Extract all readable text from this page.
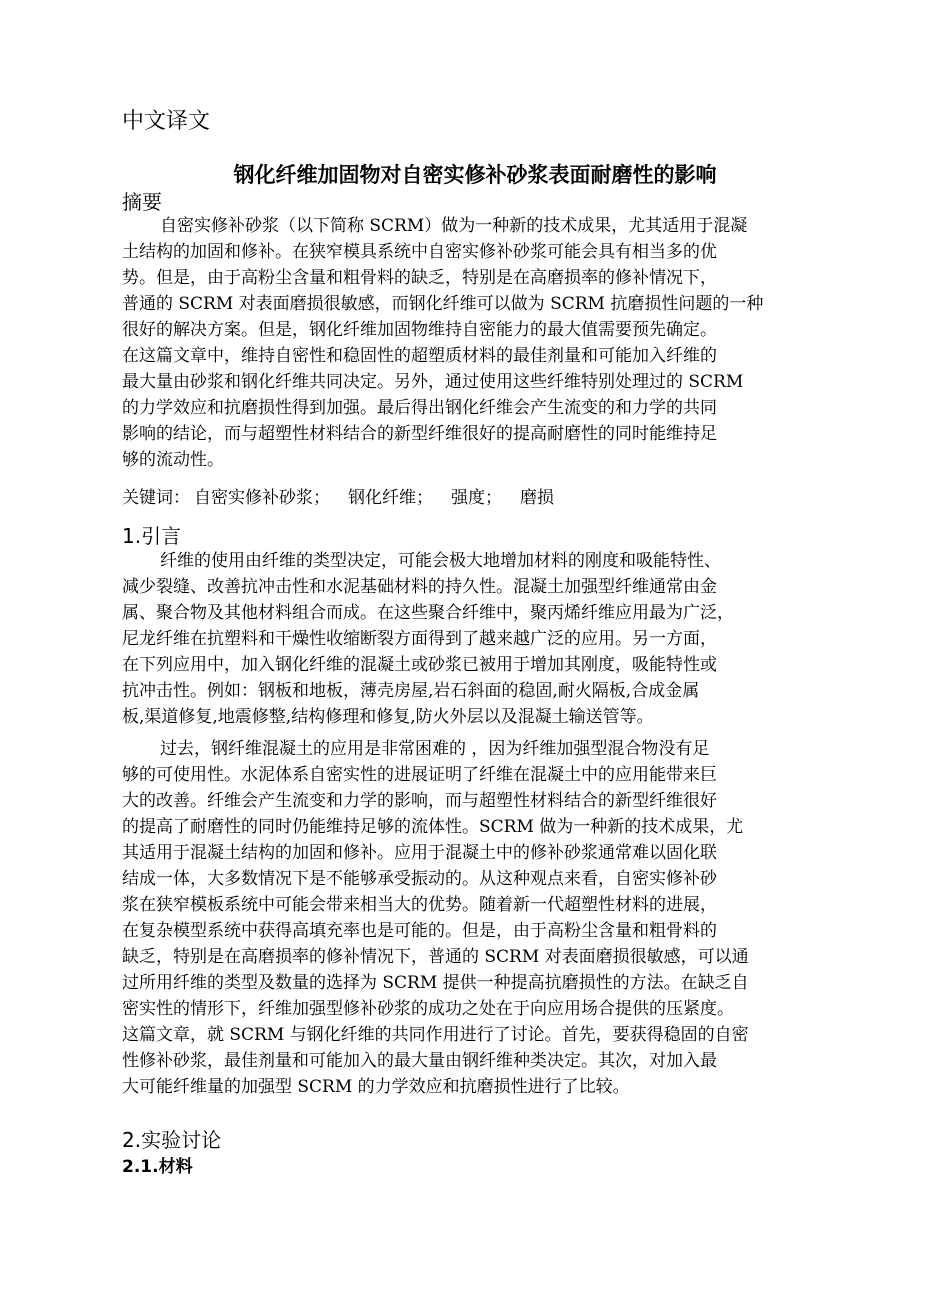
中文译文
钢化纤维加固物对自密实修补砂浆表面耐磨性的影响
摘要
自密实修补砂浆（以下简称 SCRM）做为一种新的技术成果，尤其适用于混凝
土结构的加固和修补。在狭窄模具系统中自密实修补砂浆可能会具有相当多的优
势。但是，由于高粉尘含量和粗骨料的缺乏，特别是在高磨损率的修补情况下，
普通的 SCRM 对表面磨损很敏感，而钢化纤维可以做为 SCRM 抗磨损性问题的一种
很好的解决方案。但是，钢化纤维加固物维持自密能力的最大值需要预先确定。
在这篇文章中，维持自密性和稳固性的超塑质材料的最佳剂量和可能加入纤维的
最大量由砂浆和钢化纤维共同决定。另外，通过使用这些纤维特别处理过的 SCRM
的力学效应和抗磨损性得到加强。最后得出钢化纤维会产生流变的和力学的共同
影响的结论，而与超塑性材料结合的新型纤维很好的提高耐磨性的同时能维持足
够的流动性。
关键词： 自密实修补砂浆； 钢化纤维； 强度； 磨损
1.引言
纤维的使用由纤维的类型决定，可能会极大地增加材料的刚度和吸能特性、
减少裂缝、改善抗冲击性和水泥基础材料的持久性。混凝土加强型纤维通常由金
属、聚合物及其他材料组合而成。在这些聚合纤维中，聚丙烯纤维应用最为广泛，
尼龙纤维在抗塑料和干燥性收缩断裂方面得到了越来越广泛的应用。另一方面，
在下列应用中，加入钢化纤维的混凝土或砂浆已被用于增加其刚度，吸能特性或
抗冲击性。例如：钢板和地板，薄壳房屋,岩石斜面的稳固,耐火隔板,合成金属
板,渠道修复,地震修整,结构修理和修复,防火外层以及混凝土输送管等。
过去，钢纤维混凝土的应用是非常困难的 ，因为纤维加强型混合物没有足
够的可使用性。水泥体系自密实性的进展证明了纤维在混凝土中的应用能带来巨
大的改善。纤维会产生流变和力学的影响，而与超塑性材料结合的新型纤维很好
的提高了耐磨性的同时仍能维持足够的流体性。SCRM 做为一种新的技术成果，尤
其适用于混凝土结构的加固和修补。应用于混凝土中的修补砂浆通常难以固化联
结成一体，大多数情况下是不能够承受振动的。从这种观点来看，自密实修补砂
浆在狭窄模板系统中可能会带来相当大的优势。随着新一代超塑性材料的进展，
在复杂模型系统中获得高填充率也是可能的。但是，由于高粉尘含量和粗骨料的
缺乏，特别是在高磨损率的修补情况下，普通的 SCRM 对表面磨损很敏感，可以通
过所用纤维的类型及数量的选择为 SCRM 提供一种提高抗磨损性的方法。在缺乏自
密实性的情形下，纤维加强型修补砂浆的成功之处在于向应用场合提供的压紧度。
这篇文章，就 SCRM 与钢化纤维的共同作用进行了讨论。首先，要获得稳固的自密
性修补砂浆，最佳剂量和可能加入的最大量由钢纤维种类决定。其次，对加入最
大可能纤维量的加强型 SCRM 的力学效应和抗磨损性进行了比较。
2.实验讨论
2.1.材料
